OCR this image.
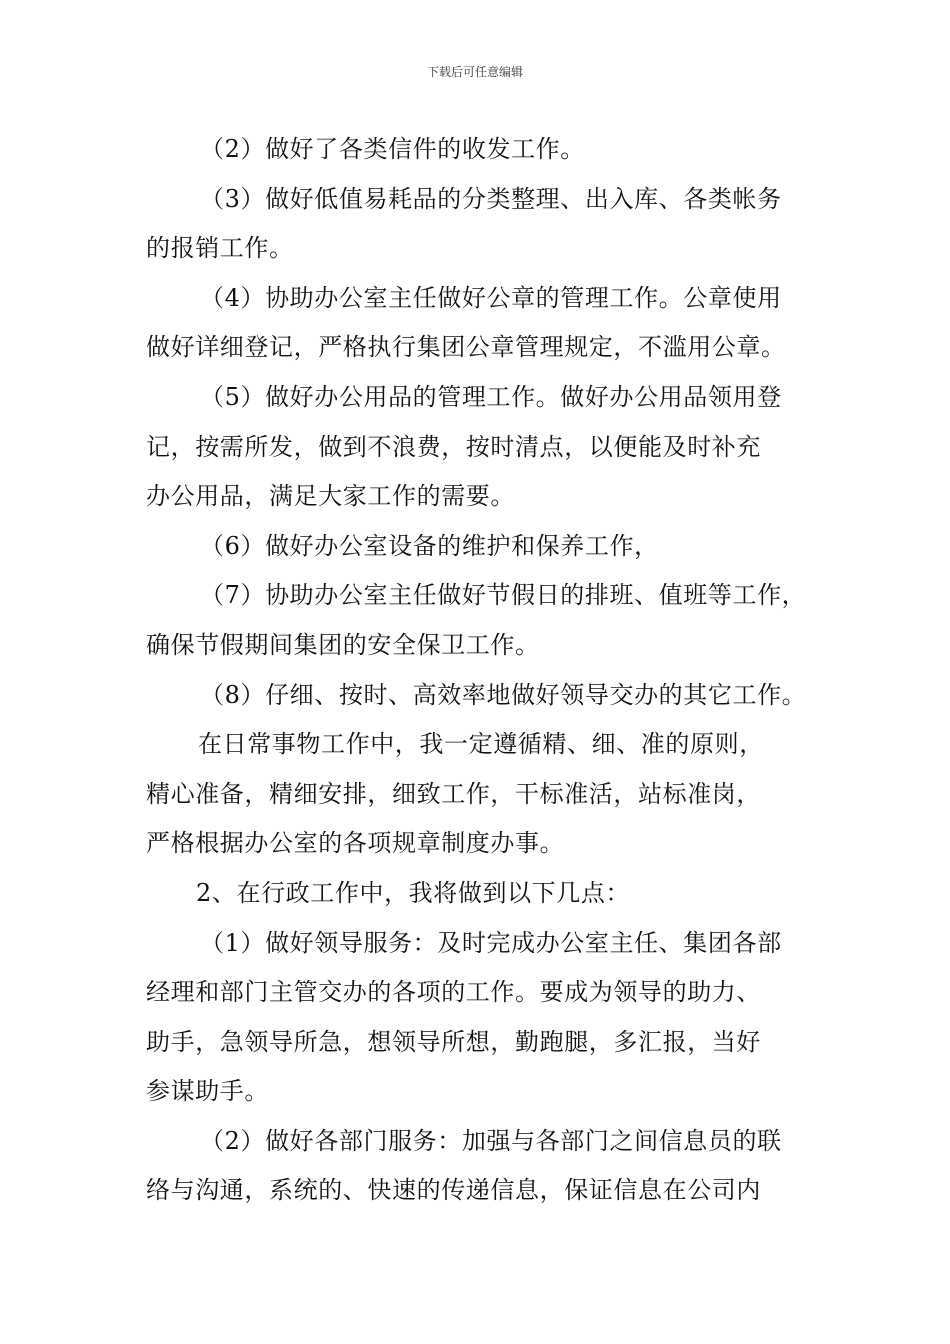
下载后可任意编辑
（2）做好了各类信件的收发工作。
（3）做好低值易耗品的分类整理、出入库、各类帐务
的报销工作。
（4）协助办公室主任做好公章的管理工作。公章使用
做好详细登记，严格执行集团公章管理规定，不滥用公章。
（5）做好办公用品的管理工作。做好办公用品领用登
记，按需所发，做到不浪费，按时清点，以便能及时补充
办公用品，满足大家工作的需要。
（6）做好办公室设备的维护和保养工作，
（7）协助办公室主任做好节假日的排班、值班等工作，
确保节假期间集团的安全保卫工作。
（8）仔细、按时、高效率地做好领导交办的其它工作。
在日常事物工作中，我一定遵循精、细、准的原则，
精心准备，精细安排，细致工作，干标准活，站标准岗，
严格根据办公室的各项规章制度办事。
2、在行政工作中，我将做到以下几点：
（1）做好领导服务：及时完成办公室主任、集团各部
经理和部门主管交办的各项的工作。要成为领导的助力、
助手，急领导所急，想领导所想，勤跑腿，多汇报，当好
参谋助手。
（2）做好各部门服务：加强与各部门之间信息员的联
络与沟通，系统的、快速的传递信息，保证信息在公司内
